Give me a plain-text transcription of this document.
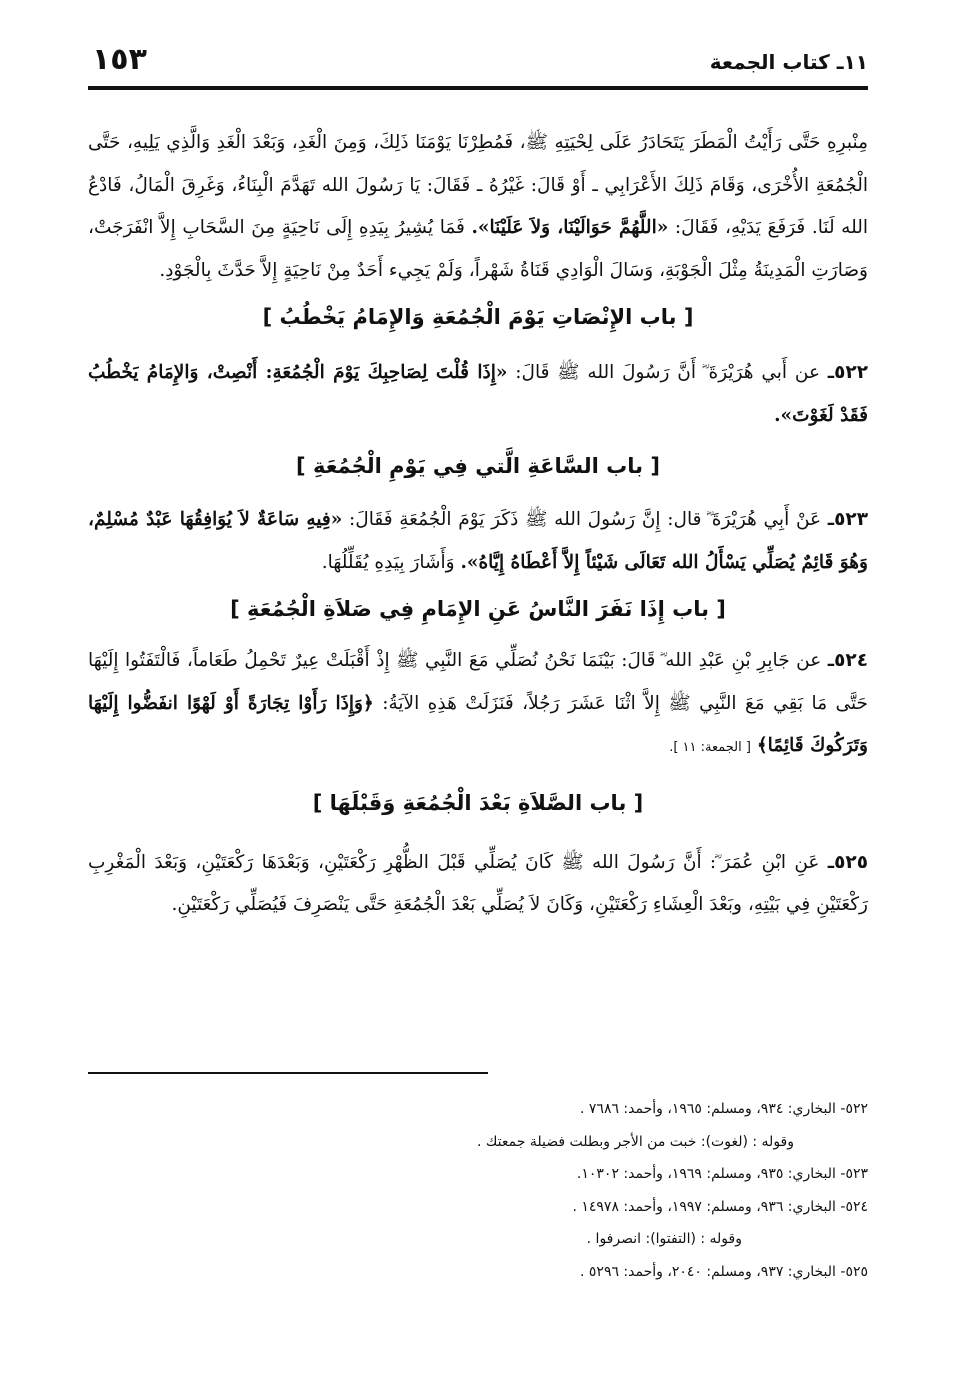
١١ـ كتاب الجمعة
١٥٣

مِنْبرِهِ حَتَّى رَأَيْتُ الْمَطَرَ يَتَحَادَرُ عَلَى لِحْيَتِهِ ﷺ، فَمُطِرْنَا يَوْمَنَا ذَلِكَ، وَمِنَ الْغَدِ، وَبَعْدَ الْغَدِ وَالَّذِي يَلِيهِ، حَتَّى الْجُمُعَةِ الأُخْرَى، وَقَامَ ذَلِكَ الأَعْرَابِي ـ أَوْ قَالَ: غَيْرُهُ ـ فَقَالَ: يَا رَسُولَ الله تَهَدَّمَ الْبِنَاءُ، وَغَرِقَ الْمَالُ، فَادْعُ الله لَنَا. فَرَفَعَ يَدَيْهِ، فَقَالَ: «اللَّهُمَّ حَوَالَيْنَا، وَلاَ عَلَيْنَا». فَمَا يُشِيرُ بِيَدِهِ إِلَى نَاحِيَةٍ مِنَ السَّحَابِ إِلاَّ انْفَرَجَتْ، وَصَارَتِ الْمَدِينَةُ مِثْلَ الْجَوْبَةِ، وَسَالَ الْوَادِي قَنَاةُ شَهْراً، وَلَمْ يَجِيء أَحَدٌ مِنْ نَاحِيَةٍ إِلاَّ حَدَّثَ بِالْجَوْدِ.

[ باب الإِنْصَاتِ يَوْمَ الْجُمُعَةِ وَالإِمَامُ يَخْطُبُ ]

٥٢٢ـ عن أَبي هُرَيْرَةَ ؓ أَنَّ رَسُولَ الله ﷺ قَالَ: «إِذَا قُلْتَ لِصَاحِبِكَ يَوْمَ الْجُمُعَةِ: أَنْصِتْ، وَالإِمَامُ يَخْطُبُ فَقَدْ لَغَوْتَ».

[ باب السَّاعَةِ الَّتي فِي يَوْمِ الْجُمُعَةِ ]

٥٢٣ـ عَنْ أَبِي هُرَيْرَةَ ؓ قال: إِنَّ رَسُولَ الله ﷺ ذَكَرَ يَوْمَ الْجُمُعَةِ فَقَالَ: «فِيهِ سَاعَةٌ لاَ يُوَافِقُهَا عَبْدٌ مُسْلِمٌ، وَهُوَ قَائِمٌ يُصَلِّي يَسْأَلُ الله تَعَالَى شَيْئاً إِلاَّ أَعْطَاهُ إِيَّاهُ». وَأَشَارَ بِيَدِهِ يُقَلِّلُهَا.

[ باب إِذَا نَفَرَ النَّاسُ عَنِ الإِمَامِ فِي صَلاَةِ الْجُمُعَةِ ]

٥٢٤ـ عن جَابِرِ بْنِ عَبْدِ الله ؓ قَالَ: بَيْنَمَا نَحْنُ نُصَلِّي مَعَ النَّبِي ﷺ إِذْ أَقْبَلَتْ عِيرٌ تَحْمِلُ طَعَاماً، فَالْتَفَتُوا إِلَيْهَا حَتَّى مَا بَقِي مَعَ النَّبِي ﷺ إِلاَّ اثْنَا عَشَرَ رَجُلاً، فَنَزَلَتْ هَذِهِ الآيَةُ: ﴿وَإِذَا رَأَوْا تِجَارَةً أَوْ لَهْوًا انفَضُّوا إِلَيْهَا وَتَرَكُوكَ قَائِمًا﴾ [ الجمعة: ١١ ].

[ باب الصَّلاَةِ بَعْدَ الْجُمُعَةِ وَقَبْلَهَا ]

٥٢٥ـ عَنِ ابْنِ عُمَرَ ؓ: أَنَّ رَسُولَ الله ﷺ كَانَ يُصَلِّي قَبْلَ الظُّهْرِ رَكْعَتَيْنِ، وَبَعْدَهَا رَكْعَتَيْنِ، وَبَعْدَ الْمَغْرِبِ رَكْعَتَيْنِ فِي بَيْتِهِ، وبَعْدَ الْعِشَاءِ رَكْعَتَيْنِ، وَكَانَ لاَ يُصَلِّي بَعْدَ الْجُمُعَةِ حَتَّى يَنْصَرِفَ فَيُصَلِّي رَكْعَتَيْنِ.

٥٢٢- البخاري: ٩٣٤، ومسلم: ١٩٦٥، وأحمد: ٧٦٨٦ .

وقوله : (لغوت): خبت من الأجر وبطلت فضيلة جمعتك .

٥٢٣- البخاري: ٩٣٥، ومسلم: ١٩٦٩، وأحمد: ١٠٣٠٢.

٥٢٤- البخاري: ٩٣٦، ومسلم: ١٩٩٧، وأحمد: ١٤٩٧٨ .

وقوله : (التفتوا): انصرفوا .

٥٢٥- البخاري: ٩٣٧، ومسلم: ٢٠٤٠، وأحمد: ٥٢٩٦ .
